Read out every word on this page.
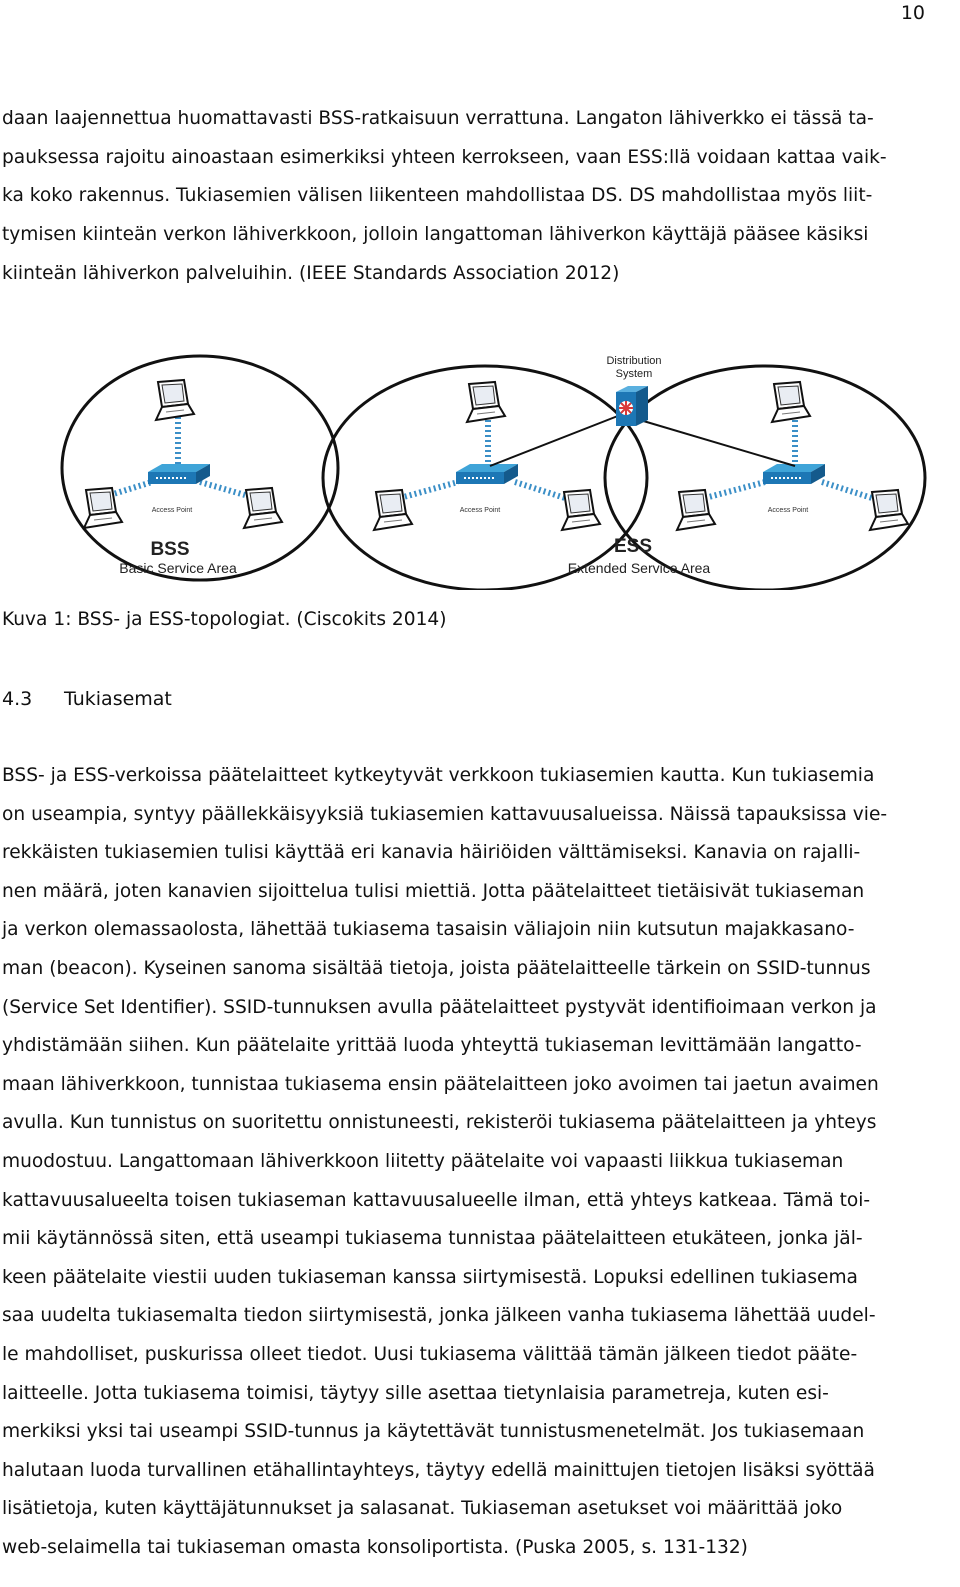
10
daan laajennettua huomattavasti BSS-ratkaisuun verrattuna. Langaton lähiverkko ei tässä ta-
pauksessa rajoitu ainoastaan esimerkiksi yhteen kerrokseen, vaan ESS:llä voidaan kattaa vaik-
ka koko rakennus. Tukiasemien välisen liikenteen mahdollistaa DS. DS mahdollistaa myös liit-
tymisen kiinteän verkon lähiverkkoon, jolloin langattoman lähiverkon käyttäjä pääsee käsiksi
kiinteän lähiverkon palveluihin. (IEEE Standards Association 2012)
Distribution
System
Access Point	Access Point	Access Point
BSS
Basic Service Area
ESS
Extended Service Area
Kuva 1: BSS- ja ESS-topologiat. (Ciscokits 2014)
4.3 Tukiasemat
BSS- ja ESS-verkoissa päätelaitteet kytkeytyvät verkkoon tukiasemien kautta. Kun tukiasemia
on useampia, syntyy päällekkäisyyksiä tukiasemien kattavuusalueissa. Näissä tapauksissa vie-
rekkäisten tukiasemien tulisi käyttää eri kanavia häiriöiden välttämiseksi. Kanavia on rajalli-
nen määrä, joten kanavien sijoittelua tulisi miettiä. Jotta päätelaitteet tietäisivät tukiaseman
ja verkon olemassaolosta, lähettää tukiasema tasaisin väliajoin niin kutsutun majakkasano-
man (beacon). Kyseinen sanoma sisältää tietoja, joista päätelaitteelle tärkein on SSID-tunnus
(Service Set Identifier). SSID-tunnuksen avulla päätelaitteet pystyvät identifioimaan verkon ja
yhdistämään siihen. Kun päätelaite yrittää luoda yhteyttä tukiaseman levittämään langatto-
maan lähiverkkoon, tunnistaa tukiasema ensin päätelaitteen joko avoimen tai jaetun avaimen
avulla. Kun tunnistus on suoritettu onnistuneesti, rekisteröi tukiasema päätelaitteen ja yhteys
muodostuu. Langattomaan lähiverkkoon liitetty päätelaite voi vapaasti liikkua tukiaseman
kattavuusalueelta toisen tukiaseman kattavuusalueelle ilman, että yhteys katkeaa. Tämä toi-
mii käytännössä siten, että useampi tukiasema tunnistaa päätelaitteen etukäteen, jonka jäl-
keen päätelaite viestii uuden tukiaseman kanssa siirtymisestä. Lopuksi edellinen tukiasema
saa uudelta tukiasemalta tiedon siirtymisestä, jonka jälkeen vanha tukiasema lähettää uudel-
le mahdolliset, puskurissa olleet tiedot. Uusi tukiasema välittää tämän jälkeen tiedot pääte-
laitteelle. Jotta tukiasema toimisi, täytyy sille asettaa tietynlaisia parametreja, kuten esi-
merkiksi yksi tai useampi SSID-tunnus ja käytettävät tunnistusmenetelmät. Jos tukiasemaan
halutaan luoda turvallinen etähallintayhteys, täytyy edellä mainittujen tietojen lisäksi syöttää
lisätietoja, kuten käyttäjätunnukset ja salasanat. Tukiaseman asetukset voi määrittää joko
web-selaimella tai tukiaseman omasta konsoliportista. (Puska 2005, s. 131-132)
